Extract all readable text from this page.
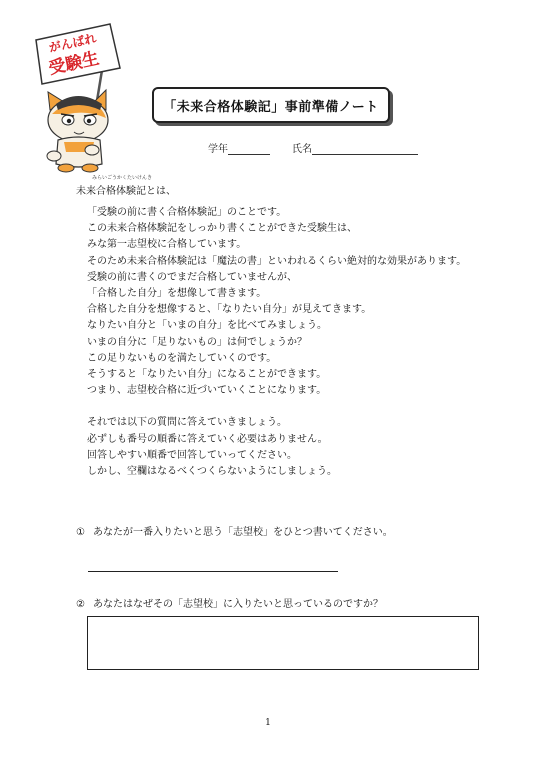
がんばれ
受験生
「未来合格体験記」事前準備ノート
学年	氏名
みらいごうかくたいけんき
未来合格体験記とは、

「受験の前に書く合格体験記」のことです。

この未来合格体験記をしっかり書くことができた受験生は、

みな第一志望校に合格しています。

そのため未来合格体験記は「魔法の書」といわれるくらい絶対的な効果があります。

受験の前に書くのでまだ合格していませんが、

「合格した自分」を想像して書きます。

合格した自分を想像すると、「なりたい自分」が見えてきます。

なりたい自分と「いまの自分」を比べてみましょう。

いまの自分に「足りないもの」は何でしょうか？

この足りないものを満たしていくのです。

そうすると「なりたい自分」になることができます。

つまり、志望校合格に近づいていくことになります。

それでは以下の質問に答えていきましょう。

必ずしも番号の順番に答えていく必要はありません。

回答しやすい順番で回答していってください。

しかし、空欄はなるべくつくらないようにしましょう。

① あなたが一番入りたいと思う「志望校」をひとつ書いてください。
② あなたはなぜその「志望校」に入りたいと思っているのですか？
1
